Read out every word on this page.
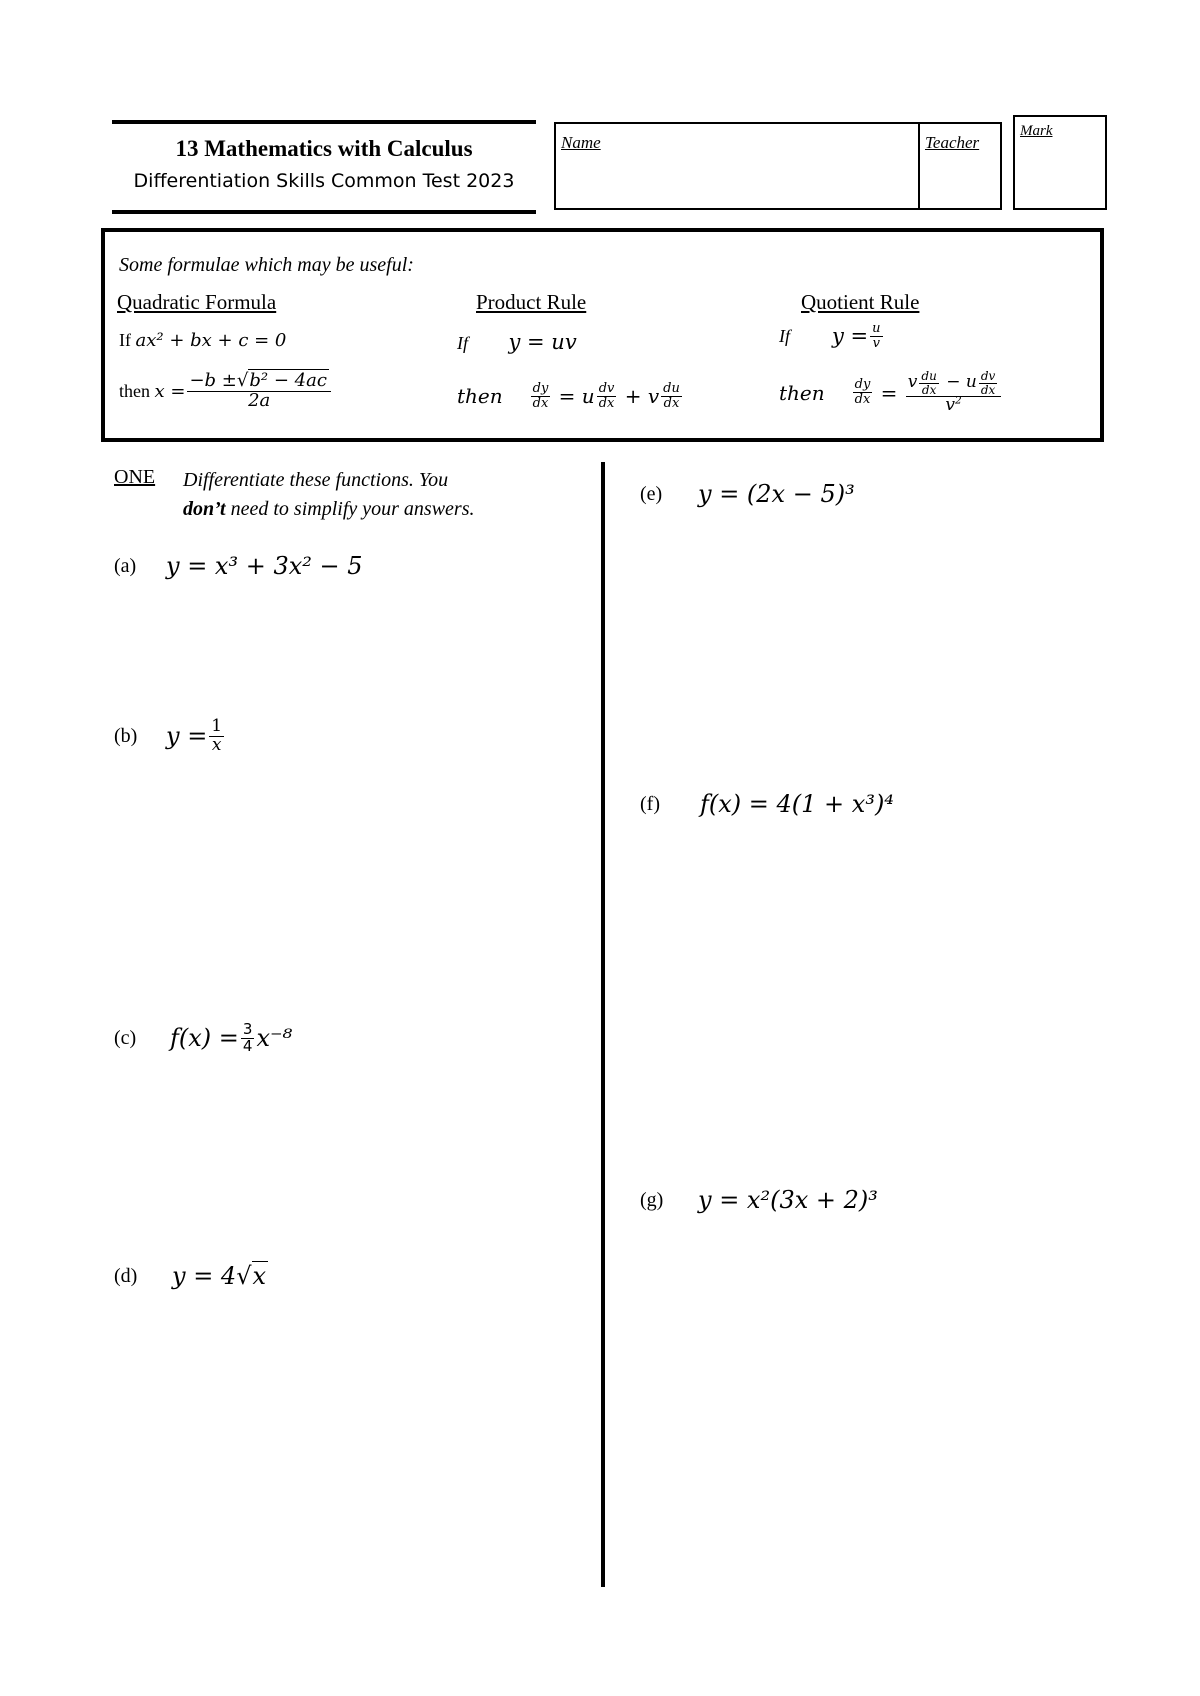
13 Mathematics with Calculus
Differentiation Skills Common Test 2023
Name	Teacher
Mark
Some formulae which may be useful:
Quadratic Formula	Product Rule	Quotient Rule
If ax² + bx + c = 0
then
$x = \frac{\text{−b ±√b² − 4ac}}{2a}$
If y = uv
then $\frac{dy}{dx} = u \frac{dv}{dx} + v \frac{du}{dx}$
If $y = \frac{u}{v}$
then $\frac{dy}{dx} = \frac{v \frac{du}{dx} - u \frac{dv}{dx}}{v^2}$
ONE Differentiate these functions. You
don’t need to simplify your answers.
(a)	y = x³ + 3x² − 5
(b)	$y = \frac{1}{x}$
(c)	$f(x) = \frac{3}{4} x^{-8}$
(d)	y = 4 √x
(e)	y = (2x − 5)³
(f)	f(x) = 4(1 + x³)⁴
(g)	y = x²(3x + 2)³
